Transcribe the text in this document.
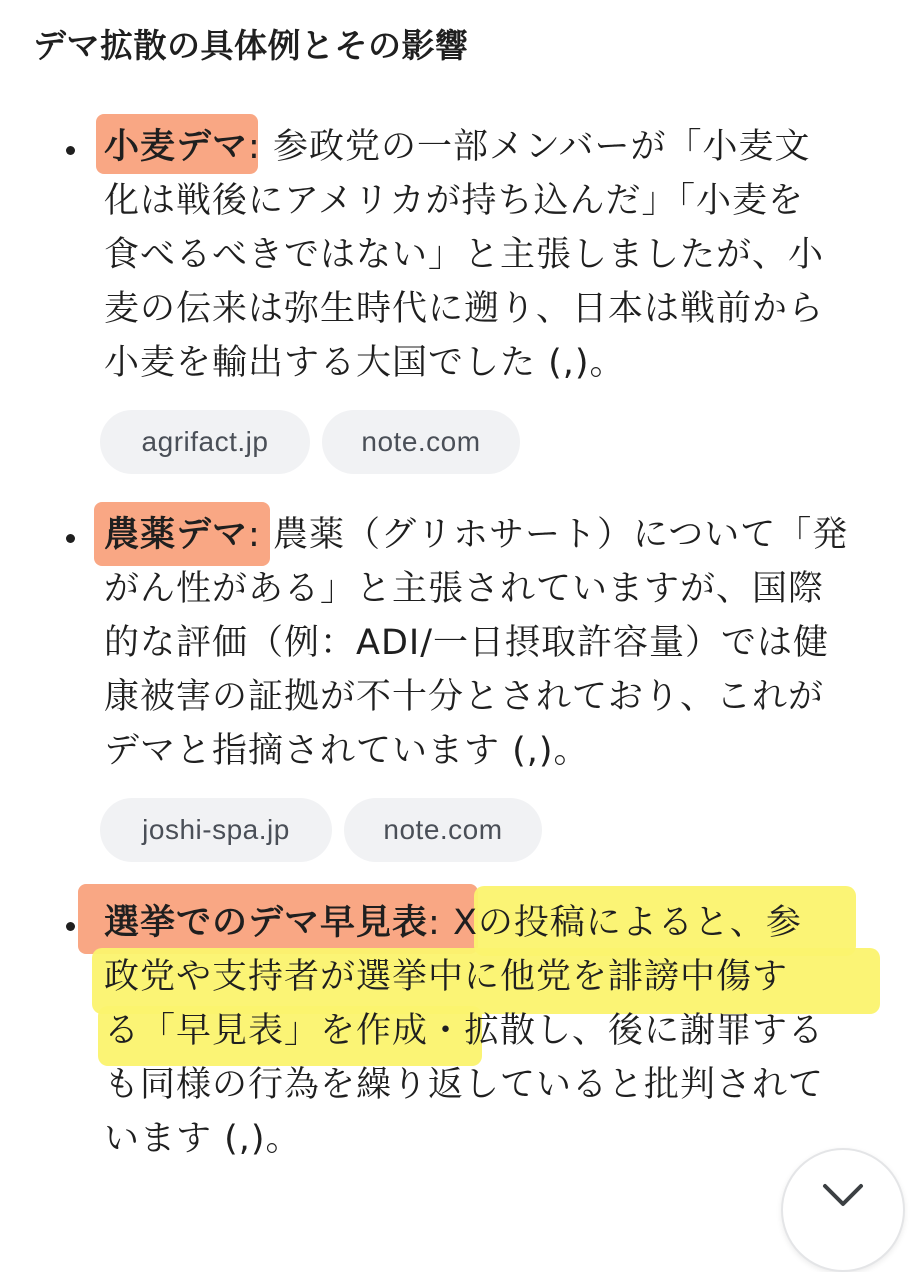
デマ拡散の具体例とその影響

小麦デマ: 参政党の一部メンバーが「小麦文
化は戦後にアメリカが持ち込んだ」「小麦を
食べるべきではない」と主張しましたが、小
麦の伝来は弥生時代に遡り、日本は戦前から
小麦を輸出する大国でした (,)。

agrifact.jp	note.com

農薬デマ: 農薬（グリホサート）について「発
がん性がある」と主張されていますが、国際
的な評価（例：ADI/一日摂取許容量）では健
康被害の証拠が不十分とされており、これが
デマと指摘されています (,)。

joshi-spa.jp	note.com

選挙でのデマ早見表: Xの投稿によると、参
政党や支持者が選挙中に他党を誹謗中傷す
る「早見表」を作成・拡散し、後に謝罪する
も同様の行為を繰り返していると批判されて
います (,)。
